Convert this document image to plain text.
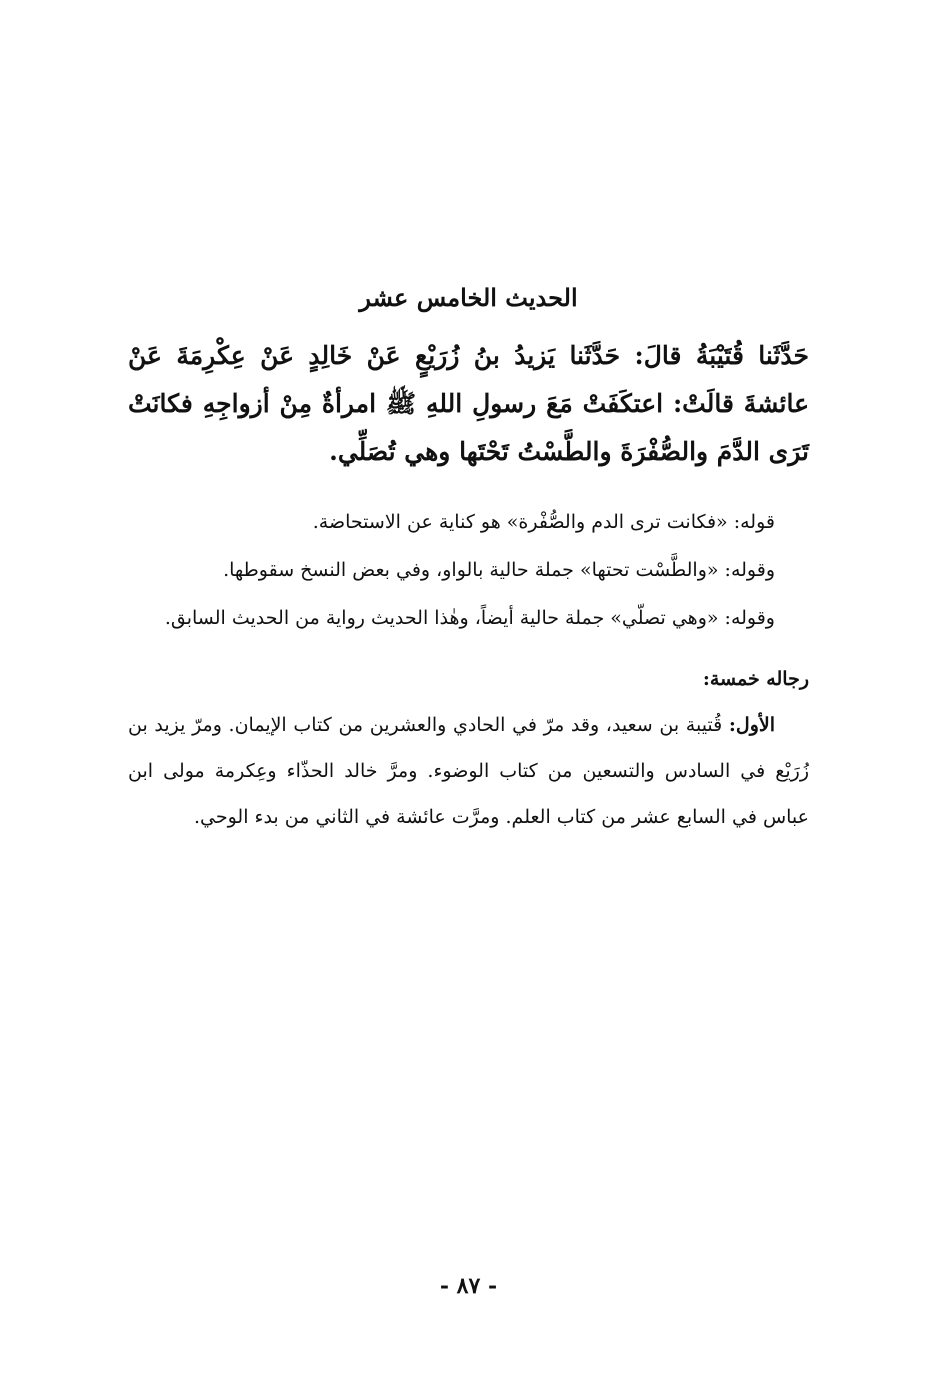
الحديث الخامس عشر

حَدَّثَنا قُتَيْبَةُ قالَ: حَدَّثَنا يَزيدُ بنُ زُرَيْعٍ عَنْ خَالِدٍ عَنْ عِكْرِمَةَ عَنْ عائشةَ قالَتْ: اعتكَفَتْ مَعَ رسولِ اللهِ ﷺ امرأةٌ مِنْ أزواجِهِ فكانَتْ تَرَى الدَّمَ والصُّفْرَةَ والطَّسْتُ تَحْتَها وهي تُصَلِّي.

قوله: «فكانت ترى الدم والصُّفْرة» هو كناية عن الاستحاضة.

وقوله: «والطَّسْت تحتها» جملة حالية بالواو، وفي بعض النسخ سقوطها.

وقوله: «وهي تصلّي» جملة حالية أيضاً، وهٰذا الحديث رواية من الحديث السابق.

رجاله خمسة:

الأول: قُتيبة بن سعيد، وقد مرّ في الحادي والعشرين من كتاب الإيمان. ومرّ يزيد بن زُرَيْع في السادس والتسعين من كتاب الوضوء. ومرَّ خالد الحذّاء وعِكرمة مولى ابن عباس في السابع عشر من كتاب العلم. ومرَّت عائشة في الثاني من بدء الوحي.

- ٨٧ -
